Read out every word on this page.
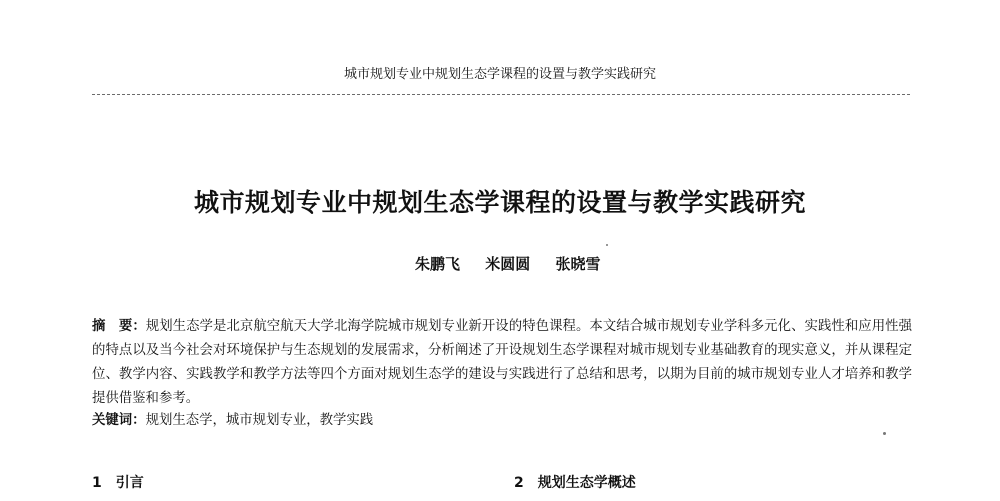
城市规划专业中规划生态学课程的设置与教学实践研究
城市规划专业中规划生态学课程的设置与教学实践研究
朱鹏飞 米圆圆 张晓雪
摘　要：规划生态学是北京航空航天大学北海学院城市规划专业新开设的特色课程。本文结合城市规划专业学科多元化、实践性和应用性强的特点以及当今社会对环境保护与生态规划的发展需求，分析阐述了开设规划生态学课程对城市规划专业基础教育的现实意义，并从课程定位、教学内容、实践教学和教学方法等四个方面对规划生态学的建设与实践进行了总结和思考，以期为目前的城市规划专业人才培养和教学提供借鉴和参考。
关键词：规划生态学，城市规划专业，教学实践
1 引言	2 规划生态学概述
